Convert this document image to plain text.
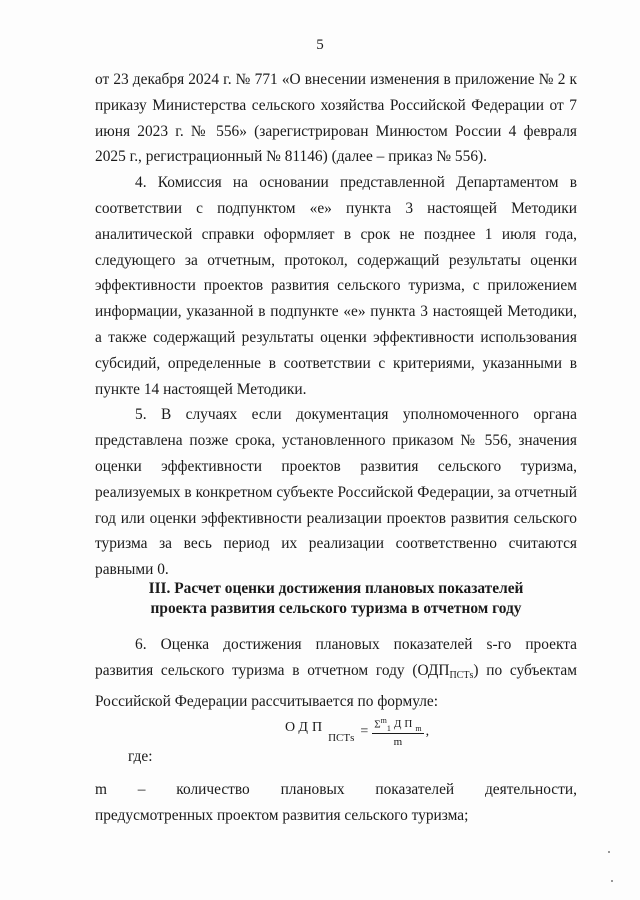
5

от 23 декабря 2024 г. № 771 «О внесении изменения в приложение № 2 к приказу Министерства сельского хозяйства Российской Федерации от 7 июня 2023 г. № 556» (зарегистрирован Минюстом России 4 февраля 2025 г., регистрационный № 81146) (далее – приказ № 556).

4. Комиссия на основании представленной Департаментом в соответствии с подпунктом «е» пункта 3 настоящей Методики аналитической справки оформляет в срок не позднее 1 июля года, следующего за отчетным, протокол, содержащий результаты оценки эффективности проектов развития сельского туризма, с приложением информации, указанной в подпункте «е» пункта 3 настоящей Методики, а также содержащий результаты оценки эффективности использования субсидий, определенные в соответствии с критериями, указанными в пункте 14 настоящей Методики.

5. В случаях если документация уполномоченного органа представлена позже срока, установленного приказом № 556, значения оценки эффективности проектов развития сельского туризма, реализуемых в конкретном субъекте Российской Федерации, за отчетный год или оценки эффективности реализации проектов развития сельского туризма за весь период их реализации соответственно считаются равными 0.

III. Расчет оценки достижения плановых показателей
проекта развития сельского туризма в отчетном году

6. Оценка достижения плановых показателей s-го проекта развития сельского туризма в отчетном году $(ОДП_{ПСТs})$ по субъектам Российской Федерации рассчитывается по формуле:

$ОДП_{ПСТs} = \frac{\Sigma^m_1 ДП_m}{m}$ ,
где:
m – количество плановых показателей деятельности,
предусмотренных проектом развития сельского туризма;
